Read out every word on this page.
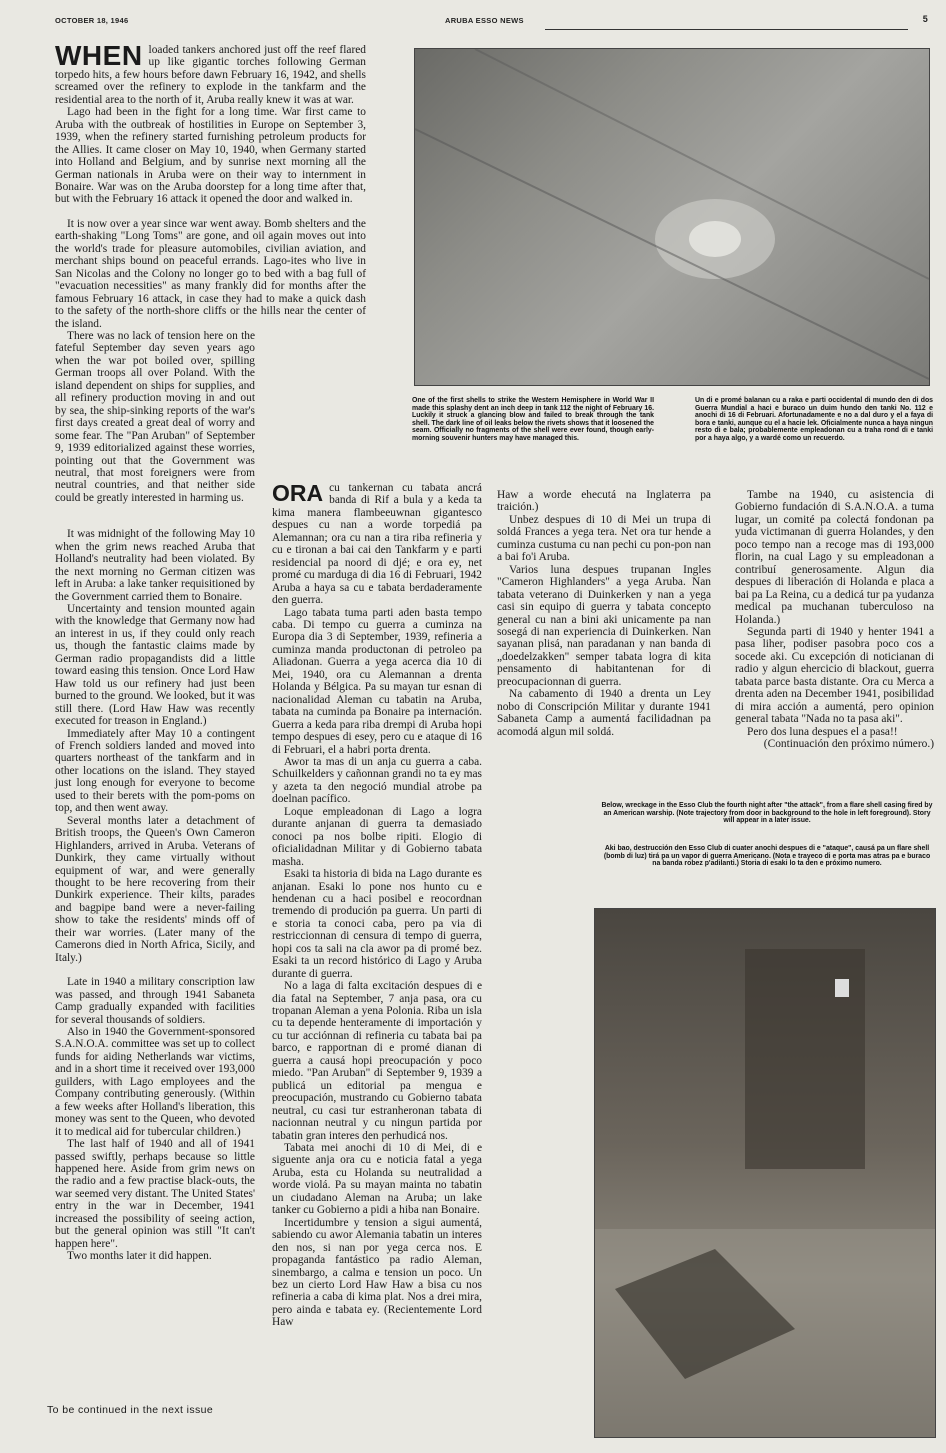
OCTOBER 18, 1946	ARUBA ESSO NEWS	5

WHEN loaded tankers anchored just off the reef flared up like gigantic torches following German torpedo hits, a few hours before dawn February 16, 1942, and shells screamed over the refinery to explode in the tankfarm and the residential area to the north of it, Aruba really knew it was at war.

Lago had been in the fight for a long time. War first came to Aruba with the outbreak of hostilities in Europe on September 3, 1939, when the refinery started furnishing petroleum products for the Allies. It came closer on May 10, 1940, when Germany started into Holland and Belgium, and by sunrise next morning all the German nationals in Aruba were on their way to internment in Bonaire. War was on the Aruba doorstep for a long time after that, but with the February 16 attack it opened the door and walked in.

It is now over a year since war went away. Bomb shelters and the earth-shaking "Long Toms" are gone, and oil again moves out into the world's trade for pleasure automobiles, civilian aviation, and merchant ships bound on peaceful errands. Lago-ites who live in San Nicolas and the Colony no longer go to bed with a bag full of "evacuation necessities" as many frankly did for months after the famous February 16 attack, in case they had to make a quick dash to the safety of the north-shore cliffs or the hills near the center of the island.

There was no lack of tension here on the fateful September day seven years ago when the war pot boiled over, spilling German troops all over Poland. With the island dependent on ships for supplies, and all refinery production moving in and out by sea, the ship-sinking reports of the war's first days created a great deal of worry and some fear. The "Pan Aruban" of September 9, 1939 editorialized against these worries, pointing out that the Government was neutral, that most foreigners were from neutral countries, and that neither side could be greatly interested in harming us.

It was midnight of the following May 10 when the grim news reached Aruba that Holland's neutrality had been violated. By the next morning no German citizen was left in Aruba: a lake tanker requisitioned by the Government carried them to Bonaire.

Uncertainty and tension mounted again with the knowledge that Germany now had an interest in us, if they could only reach us, though the fantastic claims made by German radio propagandists did a little toward easing this tension. Once Lord Haw Haw told us our refinery had just been burned to the ground. We looked, but it was still there. (Lord Haw Haw was recently executed for treason in England.)

Immediately after May 10 a contingent of French soldiers landed and moved into quarters northeast of the tankfarm and in other locations on the island. They stayed just long enough for everyone to become used to their berets with the pom-poms on top, and then went away.

Several months later a detachment of British troops, the Queen's Own Cameron Highlanders, arrived in Aruba. Veterans of Dunkirk, they came virtually without equipment of war, and were generally thought to be here recovering from their Dunkirk experience. Their kilts, parades and bagpipe band were a never-failing show to take the residents' minds off of their war worries. (Later many of the Camerons died in North Africa, Sicily, and Italy.)

Late in 1940 a military conscription law was passed, and through 1941 Sabaneta Camp gradually expanded with facilities for several thousands of soldiers.

Also in 1940 the Government-sponsored S.A.N.O.A. committee was set up to collect funds for aiding Netherlands war victims, and in a short time it received over 193,000 guilders, with Lago employees and the Company contributing generously. (Within a few weeks after Holland's liberation, this money was sent to the Queen, who devoted it to medical aid for tubercular children.)

The last half of 1940 and all of 1941 passed swiftly, perhaps because so little happened here. Aside from grim news on the radio and a few practise black-outs, the war seemed very distant. The United States' entry in the war in December, 1941 increased the possibility of seeing action, but the general opinion was still "It can't happen here".

Two months later it did happen.

To be continued in the next issue
One of the first shells to strike the Western Hemisphere in World War II made this splashy dent an inch deep in tank 112 the night of February 16. Luckily it struck a glancing blow and failed to break through the tank shell. The dark line of oil leaks below the rivets shows that it loosened the seam. Officially no fragments of the shell were ever found, though early-morning souvenir hunters may have managed this.
Un di e promé balanan cu a raka e parti occidental di mundo den di dos Guerra Mundial a haci e buraco un duim hundo den tanki No. 112 e anochi di 16 di Februari. Afortunadamente e no a dal duro y el a faya di bora e tanki, aunque cu el a hacie lek. Oficialmente nunca a haya ningun resto di e bala; probablemente empleadonan cu a traha rond di e tanki por a haya algo, y a wardé como un recuerdo.

ORA cu tankernan cu tabata ancrá banda di Rif a bula y a keda ta kima manera flambeeuwnan gigantesco despues cu nan a worde torpediá pa Alemannan; ora cu nan a tira riba refineria y cu e tironan a bai cai den Tankfarm y e parti residencial pa noord di djé; e ora ey, net promé cu marduga di dia 16 di Februari, 1942 Aruba a haya sa cu e tabata berdaderamente den guerra.

Lago tabata tuma parti aden basta tempo caba. Di tempo cu guerra a cuminza na Europa dia 3 di September, 1939, refineria a cuminza manda productonan di petroleo pa Aliadonan. Guerra a yega acerca dia 10 di Mei, 1940, ora cu Alemannan a drenta Holanda y Bélgica. Pa su mayan tur esnan di nacionalidad Aleman cu tabatin na Aruba, tabata na cuminda pa Bonaire pa internación. Guerra a keda para riba drempi di Aruba hopi tempo despues di esey, pero cu e ataque di 16 di Februari, el a habri porta drenta.

Awor ta mas di un anja cu guerra a caba. Schuilkelders y cañonnan grandi no ta ey mas y azeta ta den negoció mundial atrobe pa doelnan pacífico.

Loque empleadonan di Lago a logra durante anjanan di guerra ta demasiado conoci pa nos bolbe ripiti. Elogio di oficialidadnan Militar y di Gobierno tabata masha.

Esaki ta historia di bida na Lago durante es anjanan. Esaki lo pone nos hunto cu e hendenan cu a haci posibel e reocordnan tremendo di produción pa guerra. Un parti di e storia ta conoci caba, pero pa via di restriccionnan di censura di tempo di guerra, hopi cos ta sali na cla awor pa di promé bez. Esaki ta un record histórico di Lago y Aruba durante di guerra.

No a laga di falta excitación despues di e dia fatal na September, 7 anja pasa, ora cu tropanan Aleman a yena Polonia. Riba un isla cu ta depende henteramente di importación y cu tur acciónnan di refineria cu tabata bai pa barco, e rapportnan di e promé dianan di guerra a causá hopi preocupación y poco miedo. "Pan Aruban" di September 9, 1939 a publicá un editorial pa mengua e preocupación, mustrando cu Gobierno tabata neutral, cu casi tur estranheronan tabata di nacionnan neutral y cu ningun partida por tabatin gran interes den perhudicá nos.

Tabata mei anochi di 10 di Mei, di e siguente anja ora cu e noticia fatal a yega Aruba, esta cu Holanda su neutralidad a worde violá. Pa su mayan mainta no tabatin un ciudadano Aleman na Aruba; un lake tanker cu Gobierno a pidi a hiba nan Bonaire.

Incertidumbre y tension a sigui aumentá, sabiendo cu awor Alemania tabatin un interes den nos, si nan por yega cerca nos. E propaganda fantástico pa radio Aleman, sinembargo, a calma e tension un poco. Un bez un cierto Lord Haw Haw a bisa cu nos refineria a caba di kima plat. Nos a drei mira, pero ainda e tabata ey. (Recientemente Lord Haw

Haw a worde ehecutá na Inglaterra pa traición.)

Unbez despues di 10 di Mei un trupa di soldá Frances a yega tera. Net ora tur hende a cuminza custuma cu nan pechi cu pon-pon nan a bai fo'i Aruba.

Varios luna despues trupanan Ingles "Cameron Highlanders" a yega Aruba. Nan tabata veterano di Duinkerken y nan a yega casi sin equipo di guerra y tabata concepto general cu nan a bini aki unicamente pa nan sosegá di nan experiencia di Duinkerken. Nan sayanan plisá, nan paradanan y nan banda di „doedelzakken" semper tabata logra di kita pensamento di habitantenan for di preocupacionnan di guerra.

Na cabamento di 1940 a drenta un Ley nobo di Conscripción Militar y durante 1941 Sabaneta Camp a aumentá facilidadnan pa acomodá algun mil soldá.

Tambe na 1940, cu asistencia di Gobierno fundación di S.A.N.O.A. a tuma lugar, un comité pa colectá fondonan pa yuda victimanan di guerra Holandes, y den poco tempo nan a recoge mas di 193,000 florin, na cual Lago y su empleadonan a contribuí generosamente. Algun dia despues di liberación di Holanda e placa a bai pa La Reina, cu a dedicá tur pa yudanza medical pa muchanan tuberculoso na Holanda.)

Segunda parti di 1940 y henter 1941 a pasa liher, podiser pasobra poco cos a socede aki. Cu excepción di noticianan di radio y algun ehercicio di blackout, guerra tabata parce basta distante. Ora cu Merca a drenta aden na December 1941, posibilidad di mira acción a aumentá, pero opinion general tabata "Nada no ta pasa aki".

Pero dos luna despues el a pasa!!

(Continuación den próximo número.)
Below, wreckage in the Esso Club the fourth night after "the attack", from a flare shell casing fired by an American warship. (Note trajectory from door in background to the hole in left foreground). Story will appear in a later issue.
Aki bao, destrucción den Esso Club di cuater anochi despues di e "ataque", causá pa un flare shell (bomb di luz) tirá pa un vapor di guerra Americano. (Nota e trayeco di e porta mas atras pa e buraco na banda robez p'adilanti.) Storia di esaki lo ta den e próximo numero.
